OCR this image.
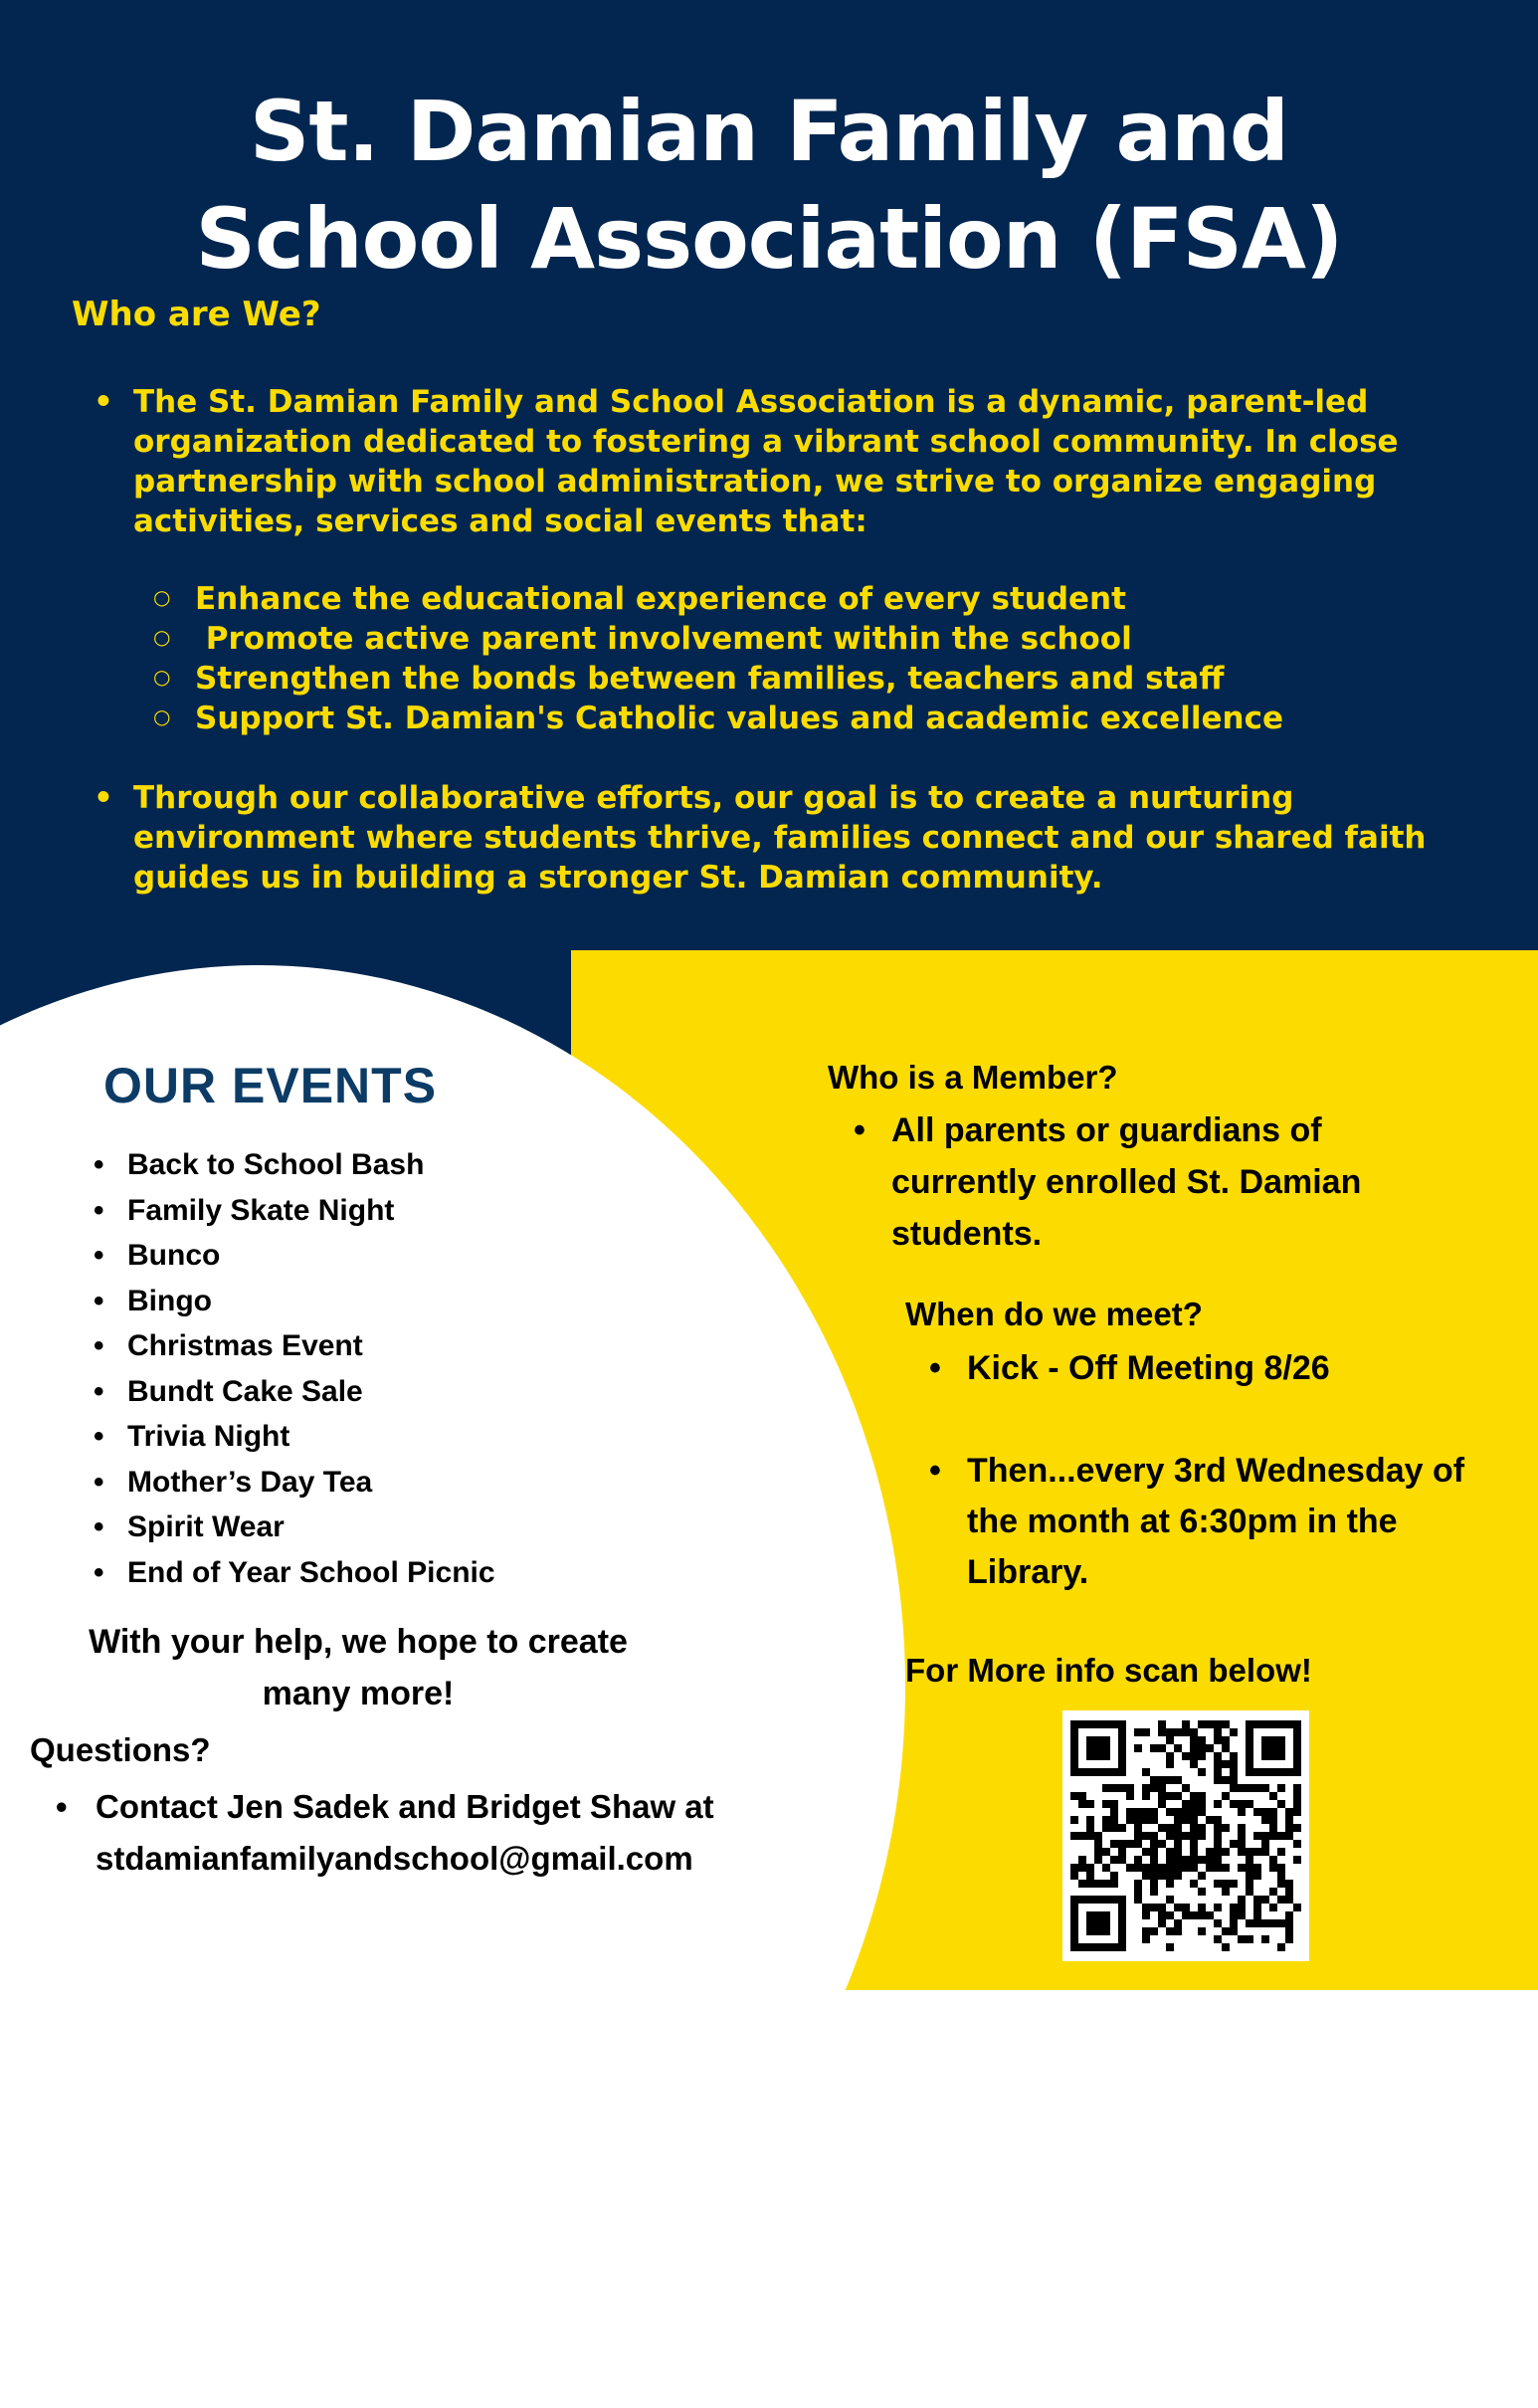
St. Damian Family and
School Association (FSA)
Who are We?
• The St. Damian Family and School Association is a dynamic, parent-led organization dedicated to fostering a vibrant school community. In close partnership with school administration, we strive to organize engaging activities, services and social events that:
○ Enhance the educational experience of every student
○  Promote active parent involvement within the school
○ Strengthen the bonds between families, teachers and staff
○ Support St. Damian's Catholic values and academic excellence
• Through our collaborative efforts, our goal is to create a nurturing environment where students thrive, families connect and our shared faith guides us in building a stronger St. Damian community.
OUR EVENTS
• Back to School Bash
• Family Skate Night
• Bunco
• Bingo
• Christmas Event
• Bundt Cake Sale
• Trivia Night
• Mother’s Day Tea
• Spirit Wear
• End of Year School Picnic
With your help, we hope to create
many more!
Questions?
• Contact Jen Sadek and Bridget Shaw at
stdamianfamilyandschool@gmail.com
Who is a Member?
• All parents or guardians of currently enrolled St. Damian students.
When do we meet?
• Kick - Off Meeting 8/26
• Then...every 3rd Wednesday of the month at 6:30pm in the Library.
For More info scan below!
